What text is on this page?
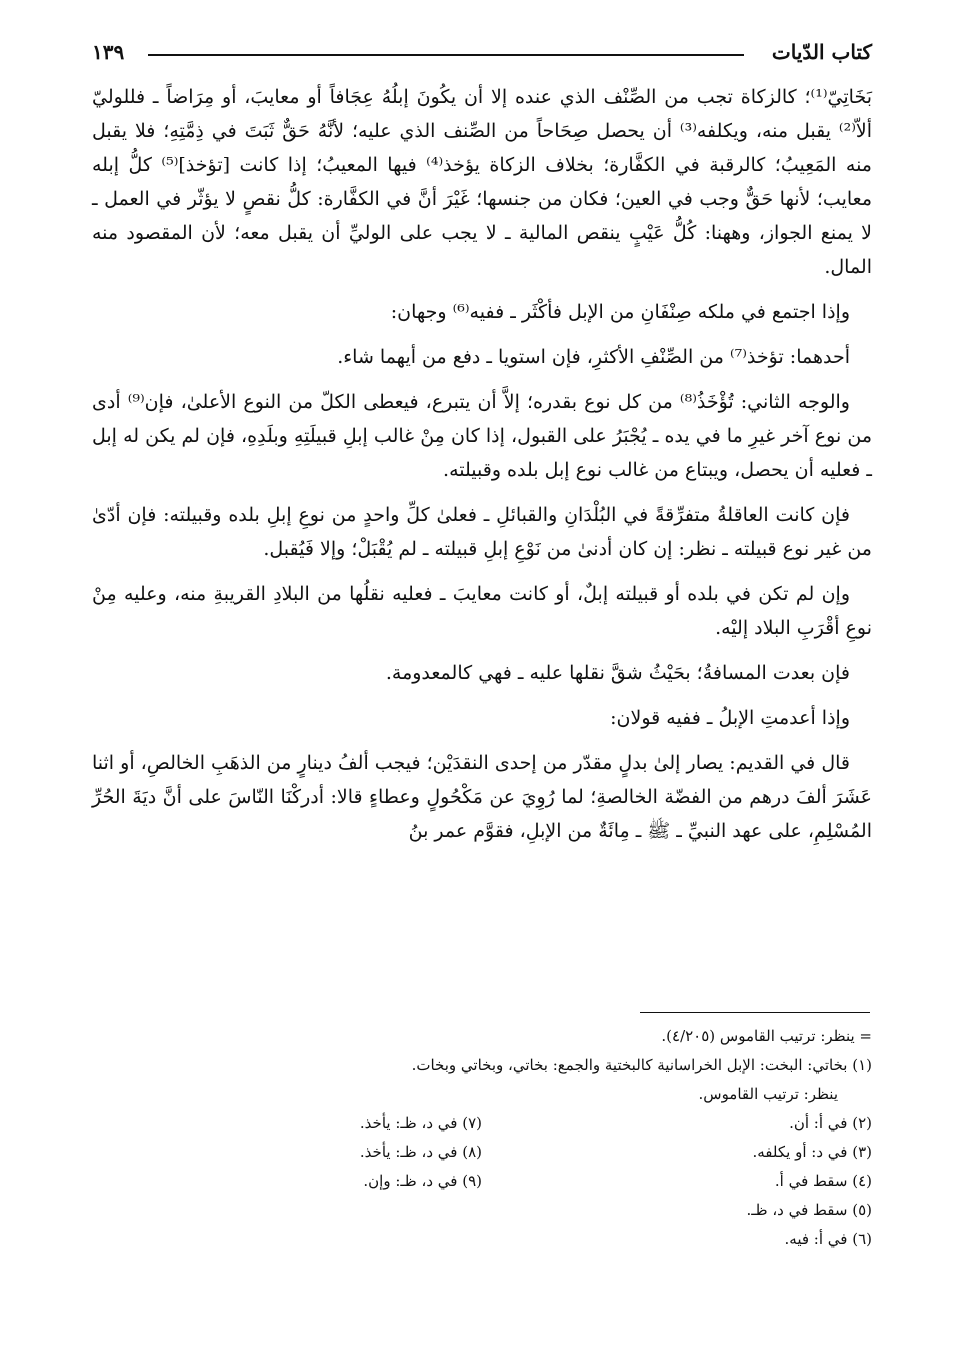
كتاب الدّيات
١٣٩

بَخَاتِيّ⁽¹⁾؛ كالزكاة تجب من الصِّنْف الذي عنده إلا أن يكُونَ إبلُهُ عِجَافاً أو معايبَ، أو مِرَاضاً ـ فللوليّ ألاّ⁽²⁾ يقبل منه، ويكلفه⁽³⁾ أن يحصل صِحَاحاً من الصِّنف الذي عليه؛ لأنَّهُ حَقٌّ ثَبَتَ في ذِمَّتِهِ؛ فلا يقبل منه المَعِيبُ؛ كالرقبة في الكفَّارة؛ بخلاف الزكاة يؤخذ⁽⁴⁾ فيها المعيبُ؛ إذا كانت [تؤخذ]⁽⁵⁾ كلُّ إبله معايب؛ لأنها حَقٌّ وجب في العين؛ فكان من جنسها؛ غَيْرَ أنَّ في الكفَّارة: كلُّ نقصٍ لا يؤثّر في العمل ـ لا يمنع الجواز، وههنا: كُلُّ عَيْبٍ ينقص المالية ـ لا يجب على الوليِّ أن يقبل معه؛ لأن المقصود منه المال.

وإذا اجتمع في ملكه صِنْفَانِ من الإبل فأكْثَر ـ ففيه⁽⁶⁾ وجهان:

أحدهما: تؤخذ⁽⁷⁾ من الصِّنْفِ الأكثرِ، فإن استويا ـ دفع من أيهما شاء.

والوجه الثاني: تُؤْخَذُ⁽⁸⁾ من كل نوع بقدره؛ إلاَّ أن يتبرع، فيعطى الكلّ من النوع الأعلىٰ، فإن⁽⁹⁾ أدى من نوع آخر غيرِ ما في يده ـ يُجْبَرُ على القبول، إذا كان مِنْ غالب إبلِ قبيلَتِهِ وبلَدِهِ، فإن لم يكن له إبل ـ فعليه أن يحصل، ويبتاع من غالب نوع إبل بلده وقبيلته.

فإن كانت العاقلةُ متفرِّقةً في البُلْدَانِ والقبائلِ ـ فعلىٰ كلِّ واحدٍ من نوعِ إبلِ بلده وقبيلته: فإن أدّىٰ من غير نوع قبيلته ـ نظر: إن كان أدنىٰ من نَوْعِ إبلِ قبيلته ـ لم يُقْبَلْ؛ وإلا فَيُقبل.

وإن لم تكن في بلده أو قبيلته إبلٌ، أو كانت معايبَ ـ فعليه نقلُها من البلادِ القريبةِ منه، وعليه مِنْ نوعِ أقْرَبِ البلاد إليْه.

فإن بعدت المسافةُ؛ بحَيْثُ شقَّ نقلها عليه ـ فهي كالمعدومة.

وإذا أعدمتِ الإبلُ ـ ففيه قولان:

قال في القديم: يصار إلىٰ بدلٍ مقدّر من إحدى النقدَيْن؛ فيجب ألفُ دينارٍ من الذهَبِ الخالصِ، أو اثنا عَشَرَ ألفَ درهم من الفضّة الخالصةِ؛ لما رُوِيَ عن مَكْحُولٍ وعطاءٍ قالا: أدركْنَا النّاسَ على أنَّ ديَةَ الحُرِّ المُسْلِمِ، على عهد النبيِّ ـ ﷺ ـ مِائَةٌ من الإبلِ، فقوَّم عمر بنُ

= ينظر: ترتيب القاموس (٤/٢٠٥).
(١) بخاتي: البخت: الإبل الخراسانية كالبختية والجمع: بخاتي، وبخاتي وبخات.
ينظر: ترتيب القاموس.
(٢) في أ: أن.
(٣) في د: أو يكلفه.
(٤) سقط في أ.
(٥) سقط في د، ظـ.
(٦) في أ: فيه.
(٧) في د، ظـ: يأخذ.
(٨) في د، ظـ: يأخذ.
(٩) في د، ظـ: وإن.
